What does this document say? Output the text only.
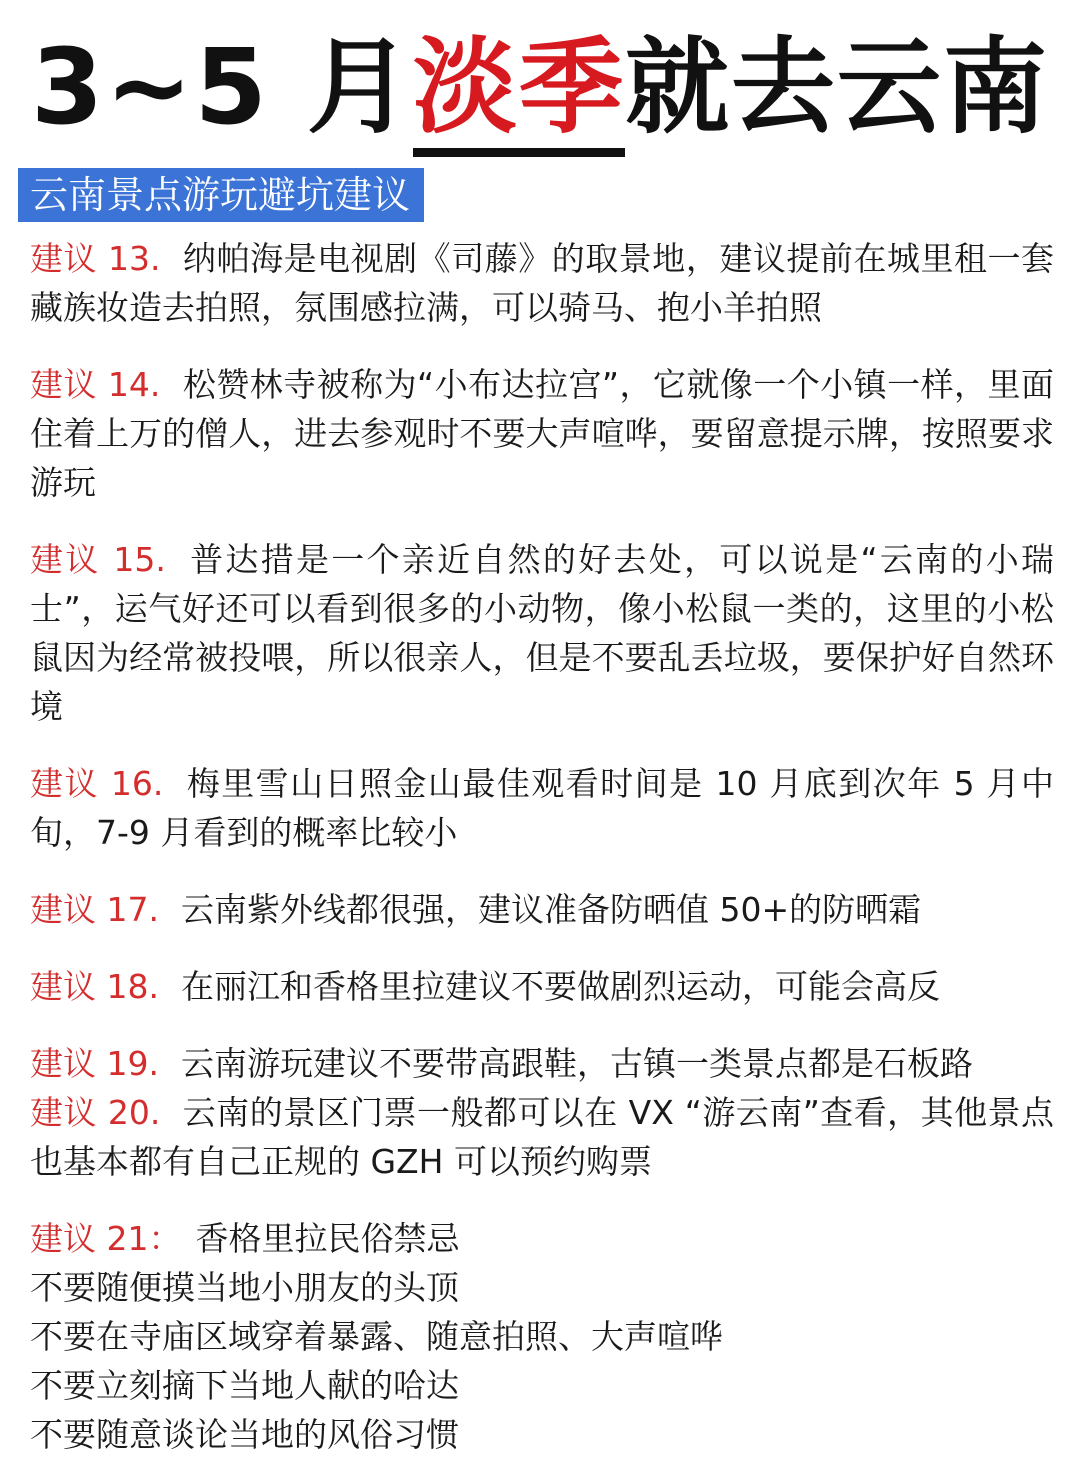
3~5 月淡季就去云南
云南景点游玩避坑建议

建议 13. 纳帕海是电视剧《司藤》的取景地，建议提前在城里租一套藏族妆造去拍照，氛围感拉满，可以骑马、抱小羊拍照

建议 14. 松赞林寺被称为“小布达拉宫”，它就像一个小镇一样，里面住着上万的僧人，进去参观时不要大声喧哗，要留意提示牌，按照要求游玩

建议 15. 普达措是一个亲近自然的好去处，可以说是“云南的小瑞士”，运气好还可以看到很多的小动物，像小松鼠一类的，这里的小松鼠因为经常被投喂，所以很亲人，但是不要乱丢垃圾，要保护好自然环境

建议 16. 梅里雪山日照金山最佳观看时间是 10 月底到次年 5 月中旬，7-9 月看到的概率比较小

建议 17. 云南紫外线都很强，建议准备防晒值 50+的防晒霜

建议 18. 在丽江和香格里拉建议不要做剧烈运动，可能会高反

建议 19. 云南游玩建议不要带高跟鞋，古镇一类景点都是石板路

建议 20. 云南的景区门票一般都可以在 VX “游云南”查看，其他景点也基本都有自己正规的 GZH 可以预约购票

建议 21： 香格里拉民俗禁忌

不要随便摸当地小朋友的头顶
不要在寺庙区域穿着暴露、随意拍照、大声喧哗
不要立刻摘下当地人献的哈达
不要随意谈论当地的风俗习惯
